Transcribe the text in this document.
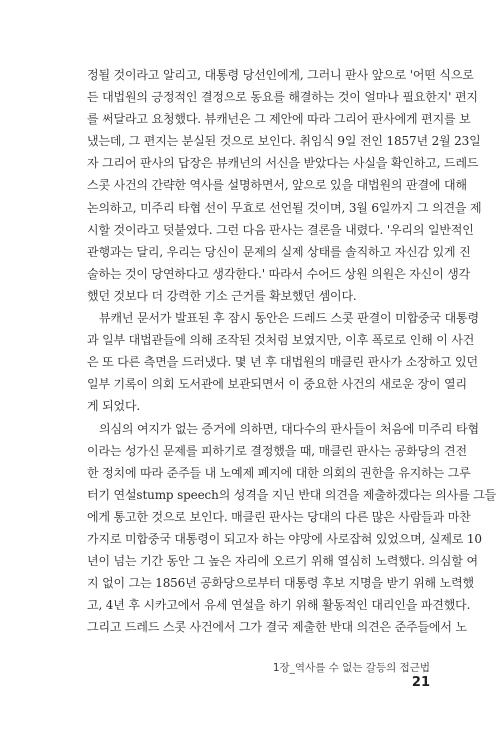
정될 것이라고 알리고, 대통령 당선인에게, 그러니 판사 앞으로 '어떤 식으로
든 대법원의 긍정적인 결정으로 동요를 해결하는 것이 얼마나 필요한지' 편지
를 써달라고 요청했다. 뷰캐넌은 그 제안에 따라 그리어 판사에게 편지를 보
냈는데, 그 편지는 분실된 것으로 보인다. 취임식 9일 전인 1857년 2월 23일
자 그리어 판사의 답장은 뷰캐넌의 서신을 받았다는 사실을 확인하고, 드레드
스콧 사건의 간략한 역사를 설명하면서, 앞으로 있을 대법원의 판결에 대해
논의하고, 미주리 타협 선이 무효로 선언될 것이며, 3월 6일까지 그 의견을 제
시할 것이라고 덧붙였다. 그런 다음 판사는 결론을 내렸다. '우리의 일반적인
관행과는 달리, 우리는 당신이 문제의 실제 상태를 솔직하고 자신감 있게 진
술하는 것이 당연하다고 생각한다.' 따라서 수어드 상원 의원은 자신이 생각
했던 것보다 더 강력한 기소 근거를 확보했던 셈이다.
뷰캐넌 문서가 발표된 후 잠시 동안은 드레드 스콧 판결이 미합중국 대통령
과 일부 대법관들에 의해 조작된 것처럼 보였지만, 이후 폭로로 인해 이 사건
은 또 다른 측면을 드러냈다. 몇 년 후 대법원의 매클린 판사가 소장하고 있던
일부 기록이 의회 도서관에 보관되면서 이 중요한 사건의 새로운 장이 열리
게 되었다.
의심의 여지가 없는 증거에 의하면, 대다수의 판사들이 처음에 미주리 타협
이라는 성가신 문제를 피하기로 결정했을 때, 매클린 판사는 공화당의 견전
한 정치에 따라 준주들 내 노예제 폐지에 대한 의회의 권한을 유지하는 그루
터기 연설stump speech의 성격을 지닌 반대 의견을 제출하겠다는 의사를 그들
에게 통고한 것으로 보인다. 매클린 판사는 당대의 다른 많은 사람들과 마찬
가지로 미합중국 대통령이 되고자 하는 야망에 사로잡혀 있었으며, 실제로 10
년이 넘는 기간 동안 그 높은 자리에 오르기 위해 열심히 노력했다. 의심할 여
지 없이 그는 1856년 공화당으로부터 대통령 후보 지명을 받기 위해 노력했
고, 4년 후 시카고에서 유세 연설을 하기 위해 활동적인 대리인을 파견했다.
그리고 드레드 스콧 사건에서 그가 결국 제출한 반대 의견은 준주들에서 노
1장_역사를 수 없는 갈등의 접근법 21
